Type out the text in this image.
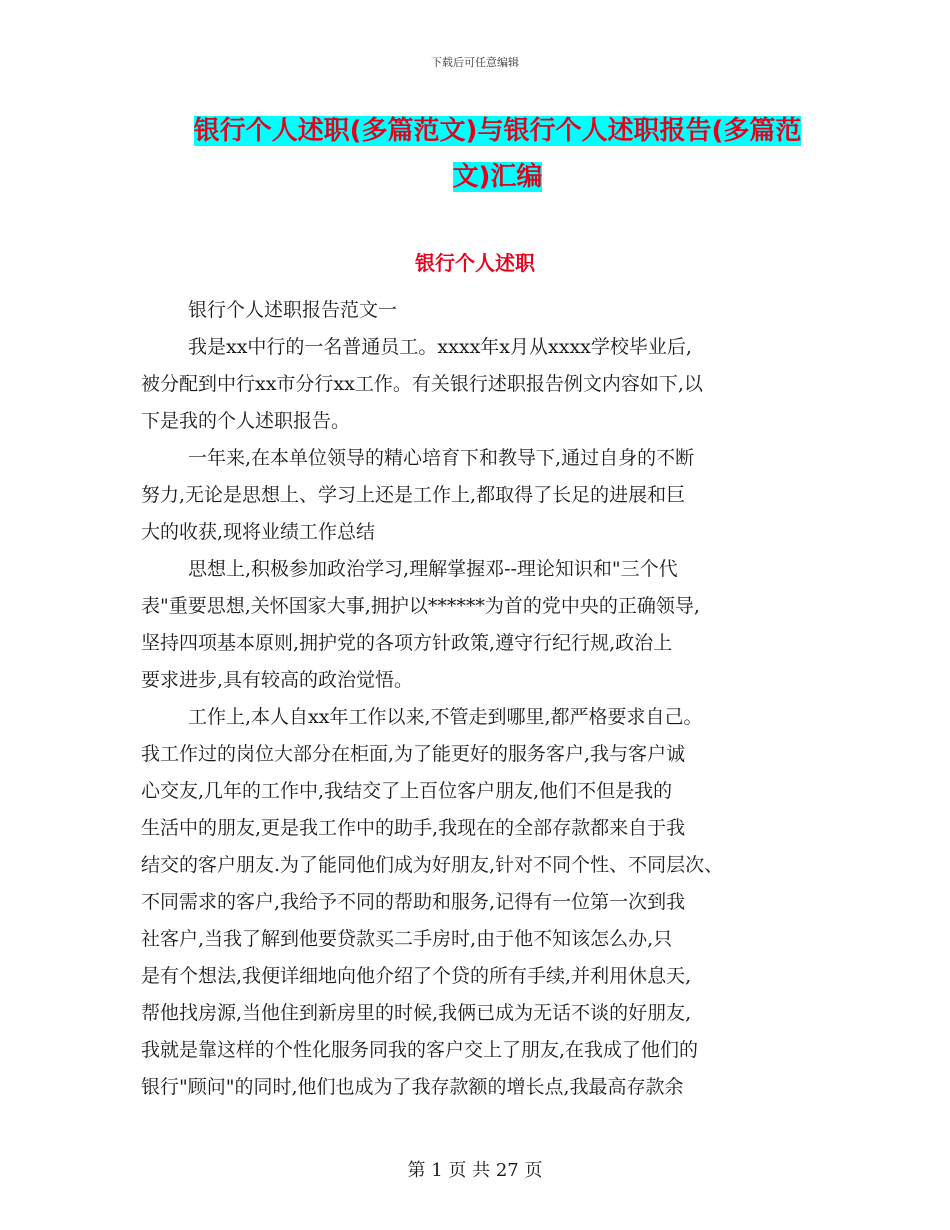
下载后可任意编辑
银行个人述职(多篇范文)与银行个人述职报告(多篇范
文)汇编
银行个人述职
银行个人述职报告范文一
我是xx中行的一名普通员工。xxxx年x月从xxxx学校毕业后,
被分配到中行xx市分行xx工作。有关银行述职报告例文内容如下,以
下是我的个人述职报告。
一年来,在本单位领导的精心培育下和教导下,通过自身的不断
努力,无论是思想上、学习上还是工作上,都取得了长足的进展和巨
大的收获,现将业绩工作总结
思想上,积极参加政治学习,理解掌握邓--理论知识和"三个代
表"重要思想,关怀国家大事,拥护以******为首的党中央的正确领导,
坚持四项基本原则,拥护党的各项方针政策,遵守行纪行规,政治上
要求进步,具有较高的政治觉悟。
工作上,本人自xx年工作以来,不管走到哪里,都严格要求自己。
我工作过的岗位大部分在柜面,为了能更好的服务客户,我与客户诚
心交友,几年的工作中,我结交了上百位客户朋友,他们不但是我的
生活中的朋友,更是我工作中的助手,我现在的全部存款都来自于我
结交的客户朋友.为了能同他们成为好朋友,针对不同个性、不同层次、
不同需求的客户,我给予不同的帮助和服务,记得有一位第一次到我
社客户,当我了解到他要贷款买二手房时,由于他不知该怎么办,只
是有个想法,我便详细地向他介绍了个贷的所有手续,并利用休息天,
帮他找房源,当他住到新房里的时候,我俩已成为无话不谈的好朋友,
我就是靠这样的个性化服务同我的客户交上了朋友,在我成了他们的
银行"顾问"的同时,他们也成为了我存款额的增长点,我最高存款余
第 1 页 共 27 页
